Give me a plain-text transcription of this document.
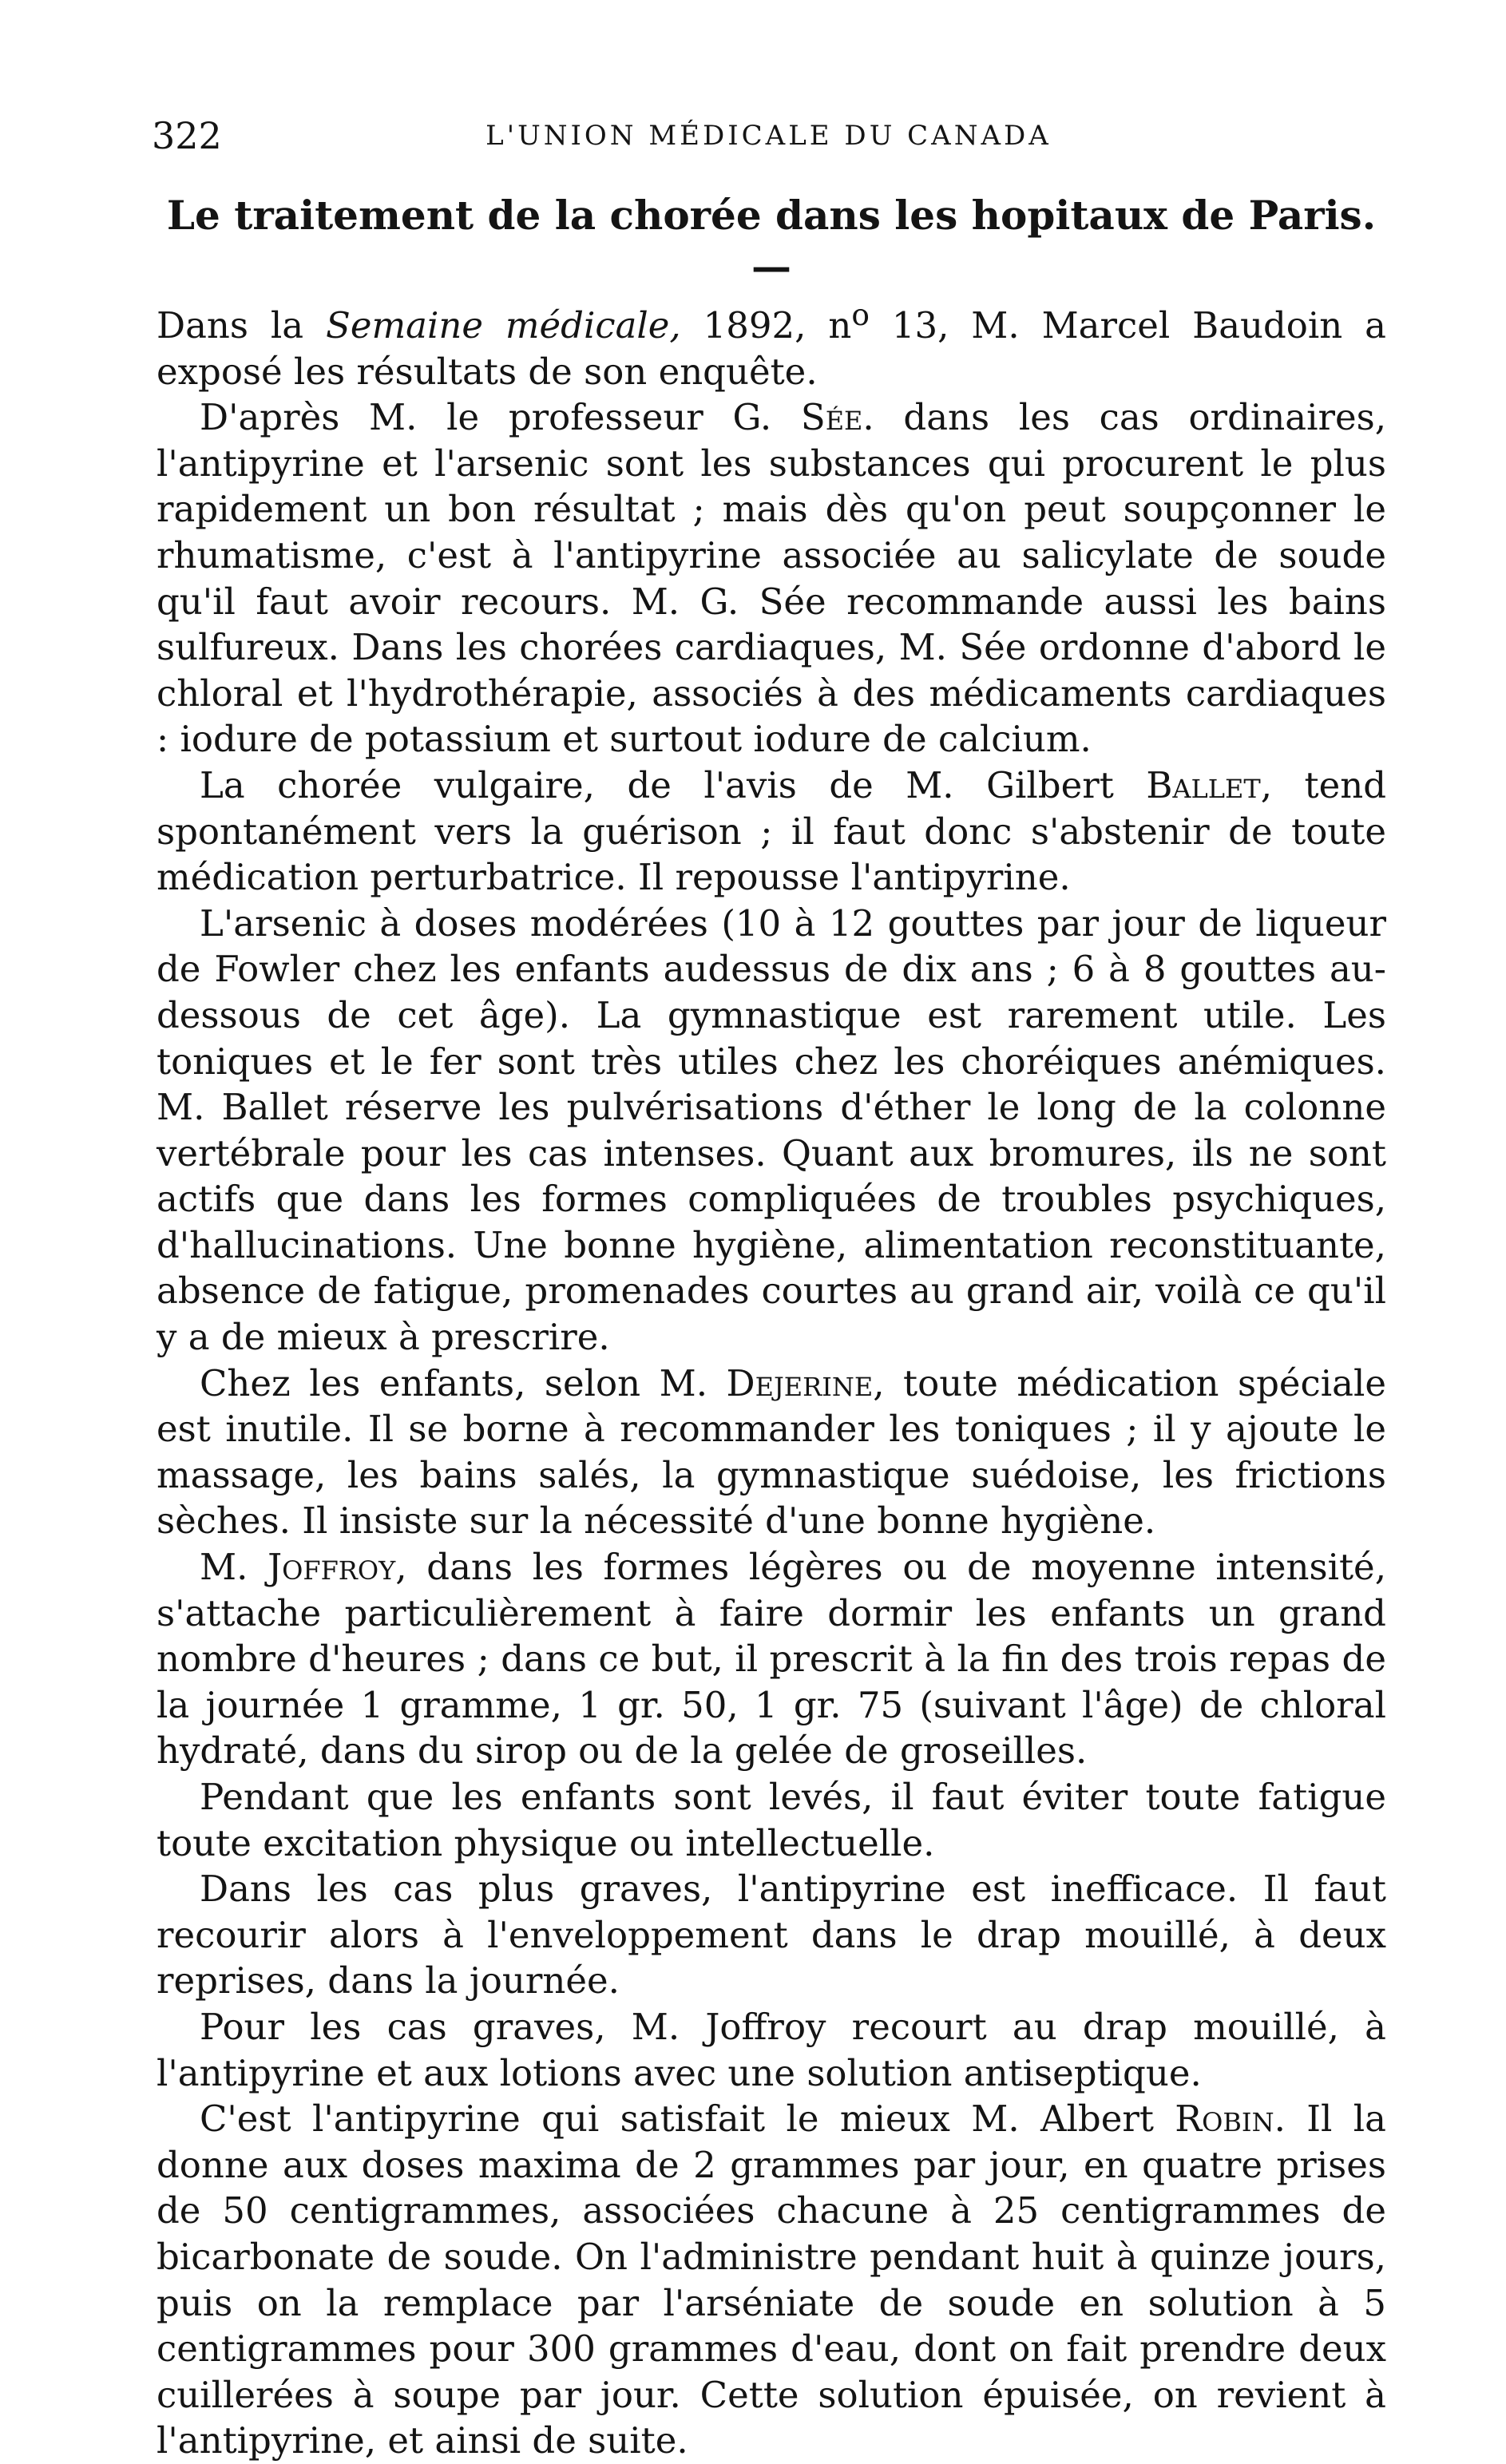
322	L'UNION MÉDICALE DU CANADA

Le traitement de la chorée dans les hopitaux de Paris.—
Dans la Semaine médicale, 1892, $n^o$ 13, M. Marcel Baudoin a exposé les résultats de son enquête.

D'après M. le professeur G. Sée. dans les cas ordinaires, l'antipyrine et l'arsenic sont les substances qui procurent le plus rapidement un bon résultat ; mais dès qu'on peut soupçonner le rhumatisme, c'est à l'antipyrine associée au salicylate de soude qu'il faut avoir recours. M. G. Sée recommande aussi les bains sulfureux. Dans les chorées cardiaques, M. Sée ordonne d'abord le chloral et l'hydrothérapie, associés à des médicaments cardiaques : iodure de potassium et surtout iodure de calcium.

La chorée vulgaire, de l'avis de M. Gilbert Ballet, tend spontanément vers la guérison ; il faut donc s'abstenir de toute médication perturbatrice. Il repousse l'antipyrine.

L'arsenic à doses modérées (10 à 12 gouttes par jour de liqueur de Fowler chez les enfants audessus de dix ans ; 6 à 8 gouttes au-dessous de cet âge). La gymnastique est rarement utile. Les toniques et le fer sont très utiles chez les choréiques anémiques. M. Ballet réserve les pulvérisations d'éther le long de la colonne vertébrale pour les cas intenses. Quant aux bromures, ils ne sont actifs que dans les formes compliquées de troubles psychiques, d'hallucinations. Une bonne hygiène, alimentation reconstituante, absence de fatigue, promenades courtes au grand air, voilà ce qu'il y a de mieux à prescrire.

Chez les enfants, selon M. Dejerine, toute médication spéciale est inutile. Il se borne à recommander les toniques ; il y ajoute le massage, les bains salés, la gymnastique suédoise, les frictions sèches. Il insiste sur la nécessité d'une bonne hygiène.

M. Joffroy, dans les formes légères ou de moyenne intensité, s'attache particulièrement à faire dormir les enfants un grand nombre d'heures ; dans ce but, il prescrit à la fin des trois repas de la journée 1 gramme, 1 gr. 50, 1 gr. 75 (suivant l'âge) de chloral hydraté, dans du sirop ou de la gelée de groseilles.

Pendant que les enfants sont levés, il faut éviter toute fatigue toute excitation physique ou intellectuelle.

Dans les cas plus graves, l'antipyrine est inefficace. Il faut recourir alors à l'enveloppement dans le drap mouillé, à deux reprises, dans la journée.

Pour les cas graves, M. Joffroy recourt au drap mouillé, à l'antipyrine et aux lotions avec une solution antiseptique.

C'est l'antipyrine qui satisfait le mieux M. Albert Robin. Il la donne aux doses maxima de 2 grammes par jour, en quatre prises de 50 centigrammes, associées chacune à 25 centigrammes de bicarbonate de soude. On l'administre pendant huit à quinze jours, puis on la remplace par l'arséniate de soude en solution à 5 centigrammes pour 300 grammes d'eau, dont on fait prendre deux cuillerées à soupe par jour. Cette solution épuisée, on revient à l'antipyrine, et ainsi de suite.
